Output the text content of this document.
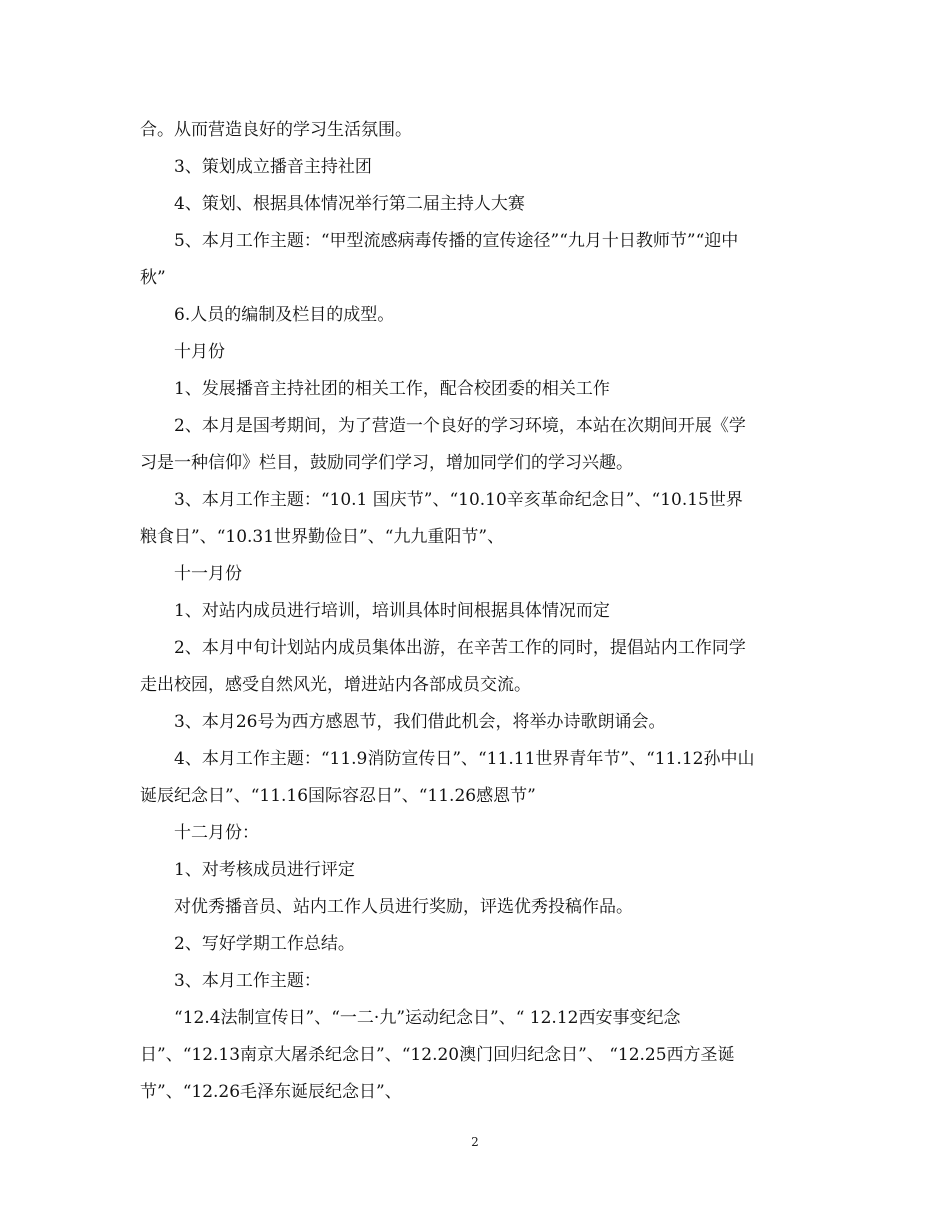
合。从而营造良好的学习生活氛围。

3、策划成立播音主持社团

4、策划、根据具体情况举行第二届主持人大赛

5、本月工作主题：“甲型流感病毒传播的宣传途径”“九月十日教师节”“迎中

秋”

6.人员的编制及栏目的成型。

十月份

1、发展播音主持社团的相关工作，配合校团委的相关工作

2、本月是国考期间，为了营造一个良好的学习环境，本站在次期间开展《学

习是一种信仰》栏目，鼓励同学们学习，增加同学们的学习兴趣。

3、本月工作主题：“10.1 国庆节”、“10.10辛亥革命纪念日”、“10.15世界

粮食日”、“10.31世界勤俭日”、“九九重阳节”、

十一月份

1、对站内成员进行培训，培训具体时间根据具体情况而定

2、本月中旬计划站内成员集体出游，在辛苦工作的同时，提倡站内工作同学

走出校园，感受自然风光，增进站内各部成员交流。

3、本月26号为西方感恩节，我们借此机会，将举办诗歌朗诵会。

4、本月工作主题：“11.9消防宣传日”、“11.11世界青年节”、“11.12孙中山

诞辰纪念日”、“11.16国际容忍日”、“11.26感恩节”

十二月份：

1、对考核成员进行评定

对优秀播音员、站内工作人员进行奖励，评选优秀投稿作品。

2、写好学期工作总结。

3、本月工作主题：

“12.4法制宣传日”、“一二·九”运动纪念日”、“ 12.12西安事变纪念

日”、“12.13南京大屠杀纪念日”、“12.20澳门回归纪念日”、 “12.25西方圣诞

节”、“12.26毛泽东诞辰纪念日”、

2
